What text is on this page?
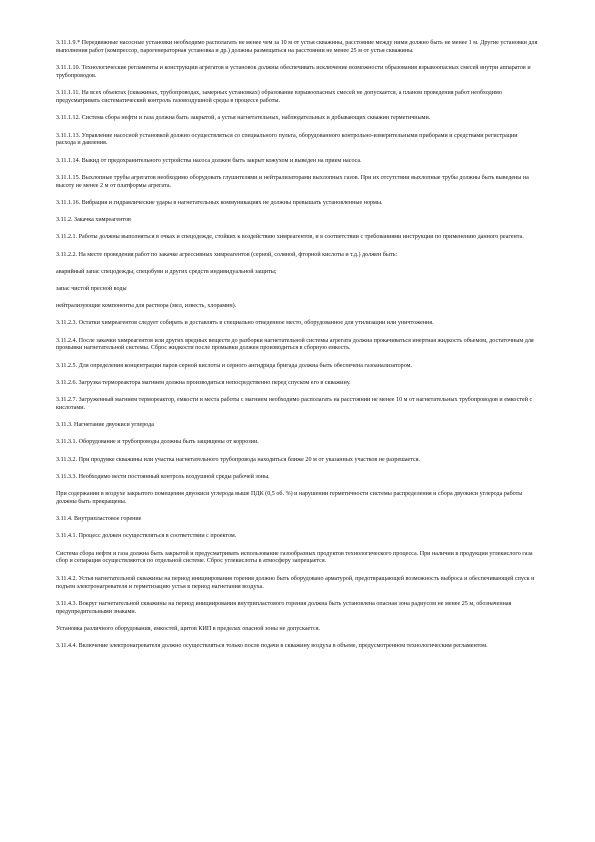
3.11.1.9.* Передвижные насосные установки необходимо располагать не менее чем за 10 м от устья скважины, расстояние между ними должно быть не менее 1 м. Другие установки для выполнения работ (компрессор, парогенераторная установка и др.) должны размещаться на расстоянии не менее 25 м от устья скважины.

3.11.1.10. Технологические регламенты и конструкции агрегатов и установок должны обеспечивать исключение возможности образования взрывоопасных смесей внутри аппаратов и трубопроводов.

3.11.1.11. На всех объектах (скважинах, трубопроводах, замерных установках) образование взрывоопасных смесей не допускается, а планом проведения работ необходимо предусматривать систематический контроль газовоздушной среды в процессе работы.

3.11.1.12. Система сбора нефти и газа должна быть закрытой, а устья нагнетательных, наблюдательных и добывающих скважин герметичными.

3.11.1.13. Управление насосной установкой должно осуществляться со специального пульта, оборудованного контрольно-измерительными приборами и средствами регистрации расхода и давления.

3.11.1.14. Выкид от предохранительного устройства насоса должен быть закрыт кожухом и выведен на прием насоса.

3.11.1.15. Выхлопные трубы агрегатов необходимо оборудовать глушителями и нейтрализаторами выхлопных газов. При их отсутствии выхлопные трубы должны быть выведены на высоту не менее 2 м от платформы агрегата.

3.11.1.16. Вибрация и гидравлические удары в нагнетательных коммуникациях не должны превышать установленные нормы.

3.11.2. Закачка химреагентов

3.11.2.1. Работы должны выполняться в очках и спецодежде, стойких к воздействию химреагентов, и в соответствии с требованиями инструкции по применению данного реагента.

3.11.2.2. На месте проведения работ по закачке агрессивных химреагентов (серной, соляной, фторной кислоты и т.д.) должен быть:

аварийный запас спецодежды, спецобуви и других средств индивидуальной защиты;

запас чистой пресной воды

нейтрализующие компоненты для раствора (мел, известь, хлорамин).

3.11.2.3. Остатки химреагентов следует собирать и доставлять в специально отведенное место, оборудованное для утилизации или уничтожения.

3.11.2.4. После закачки химреагентов или других вредных веществ до разборки нагнетательной системы агрегата должна прокачиваться инертная жидкость объемом, достаточным для промывки нагнетательной системы. Сброс жидкости после промывки должен производиться в сборную емкость.

3.11.2.5. Для определения концентрации паров серной кислоты и серного ангидрида бригада должна быть обеспечена газоанализатором.

3.11.2.6. Загрузка термореактора магнием должна производиться непосредственно перед спуском его в скважину.

3.11.2.7. Загруженный магнием термореактор, емкости и места работы с магнием необходимо располагать на расстоянии не менее 10 м от нагнетательных трубопроводов и емкостей с кислотами.

3.11.3. Нагнетание двуокиси углерода

3.11.3.1. Оборудование и трубопроводы должны быть защищены от коррозии.

3.11.3.2. При продувке скважины или участка нагнетательного трубопровода находиться ближе 20 м от указанных участков не разрешается.

3.11.3.3. Необходимо вести постоянный контроль воздушной среды рабочей зоны.

При содержании в воздухе закрытого помещения двуокиси углерода выше ПДК (0,5 об. %) и нарушении герметичности системы распределения и сбора двуокиси углерода работы должны быть прекращены.

3.11.4. Внутрипластовое горение

3.11.4.1. Процесс должен осуществляться в соответствии с проектом.

Система сбора нефти и газа должна быть закрытой и предусматривать использование газообразных продуктов технологического процесса. При наличии в продукции углекислого газа сбор и сепарация осуществляются по отдельной системе. Сброс углекислоты в атмосферу запрещается.

3.11.4.2. Устья нагнетательной скважины на период инициирования горения должно быть оборудовано арматурой, предотвращающей возможность выброса и обеспечивающей спуск и подъем электронагревателя и герметизацию устья в период нагнетания воздуха.

3.11.4.3. Вокруг нагнетательной скважины на период инициирования внутрипластового горения должна быть установлена опасная зона радиусом не менее 25 м, обозначенная предупредительными знаками.

Установка различного оборудования, емкостей, щитов КИП в пределах опасной зоны не допускается.

3.11.4.4. Включение электронагревателя должно осуществляться только после подачи в скважину воздуха в объеме, предусмотренном технологическим регламентом.
